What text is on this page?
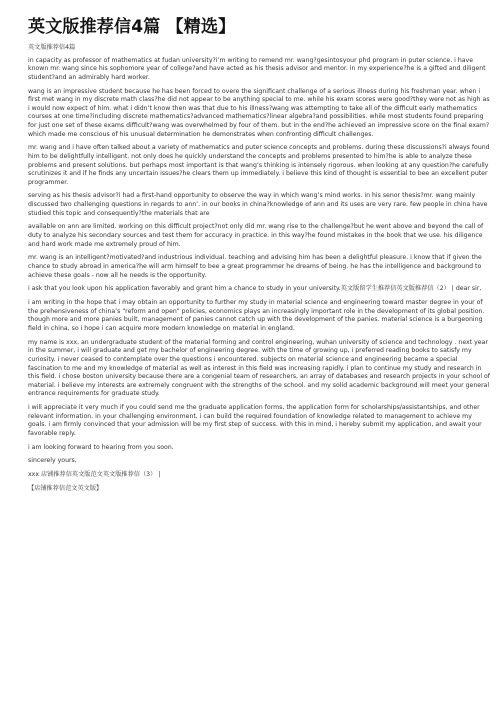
英文版推荐信4篇 【精选】

英文版推荐信4篇

in capacity as professor of mathematics at fudan university?i’m writing to remend mr. wang?gesintosyour phd program in puter science. i have known mr. wang since his sophomore year of college?and have acted as his thesis advisor and mentor. in my experience?he is a gifted and diligent student?and an admirably hard worker.

wang is an impressive student because he has been forced to overe the significant challenge of a serious illness during his freshman year. when i first met wang in my discrete math class?he did not appear to be anything special to me. while his exam scores were good?they were not as high as i would now expect of him. what i didn’t know then was that due to his illness?wang was attempting to take all of the difficult early mathematics courses at one time?including discrete mathematics?advanced mathematics?linear algebra?and possibilities. while most students found preparing for just one set of these exams difficult?wang was overwhelmed by four of them. but in the end?he achieved an impressive score on the final exam?which made me conscious of his unusual determination he demonstrates when confronting difficult challenges.

mr. wang and i have often talked about a variety of mathematics and puter science concepts and problems. during these discussions?i always found him to be delightfully intelligent. not only does he quickly understand the concepts and problems presented to him?he is able to analyze these problems and present solutions. but perhaps most important is that wang’s thinking is intensely rigorous. when looking at any question?he carefully scrutinizes it and if he finds any uncertain issues?he clears them up immediately. i believe this kind of thought is essential to bee an excellent puter programmer.

serving as his thesis advisor?i had a first-hand opportunity to observe the way in which wang’s mind works. in his senor thesis?mr. wang mainly discussed two challenging questions in regards to ann’. in our books in china?knowledge of ann and its uses are very rare. few people in china have studied this topic and consequently?the materials that are

available on ann are limited. working on this difficult project?not only did mr. wang rise to the challenge?but he went above and beyond the call of duty to analyze his secondary sources and test them for accuracy in practice. in this way?he found mistakes in the book that we use. his diligence and hard work made me extremely proud of him.

mr. wang is an intelligent?motivated?and industrious individual. teaching and advising him has been a delightful pleasure. i know that if given the chance to study abroad in america?he will arm himself to bee a great programmer he dreams of being. he has the intelligence and background to achieve these goals - now all he needs is the opportunity.

i ask that you look upon his application favorably and grant him a chance to study in your university.英文版留学生推荐信英文版推荐信（2） | dear sir,

i am writing in the hope that i may obtain an opportunity to further my study in material science and engineering toward master degree in your of the prehensiveness of china’s “reform and open” policies, economics plays an increasingly important role in the development of its global position. though more and more panies built, management of panies cannot catch up with the development of the panies. material science is a burgeoning field in china, so i hope i can acquire more modern knowledge on material in england.

my name is xxx, an undergraduate student of the material forming and control engineering, wuhan university of science and technology . next year in the summer, i will graduate and get my bachelor of engineering degree. with the time of growing up, i preferred reading books to satisfy my curiosity. i never ceased to contemplate over the questions i encountered. subjects on material science and engineering became a special fascination to me and my knowledge of material as well as interest in this field was increasing rapidly. i plan to continue my study and research in this field. i chose boston university because there are a congenial team of researchers, an array of databases and research projects in your school of material. i believe my interests are extremely congruent with the strengths of the school. and my solid academic background will meet your general entrance requirements for graduate study.

i will appreciate it very much if you could send me the graduate application forms, the application form for scholarships/assistantships, and other relevant information. in your challenging environment, i can build the required foundation of knowledge related to management to achieve my goals. i am firmly convinced that your admission will be my first step of success. with this in mind, i hereby submit my application, and await your favorable reply.

i am looking forward to hearing from you soon.

sincerely yours,

xxx 店铺推荐信英文版范文英文版推荐信（3） |

【店铺推荐信范文英文版】
